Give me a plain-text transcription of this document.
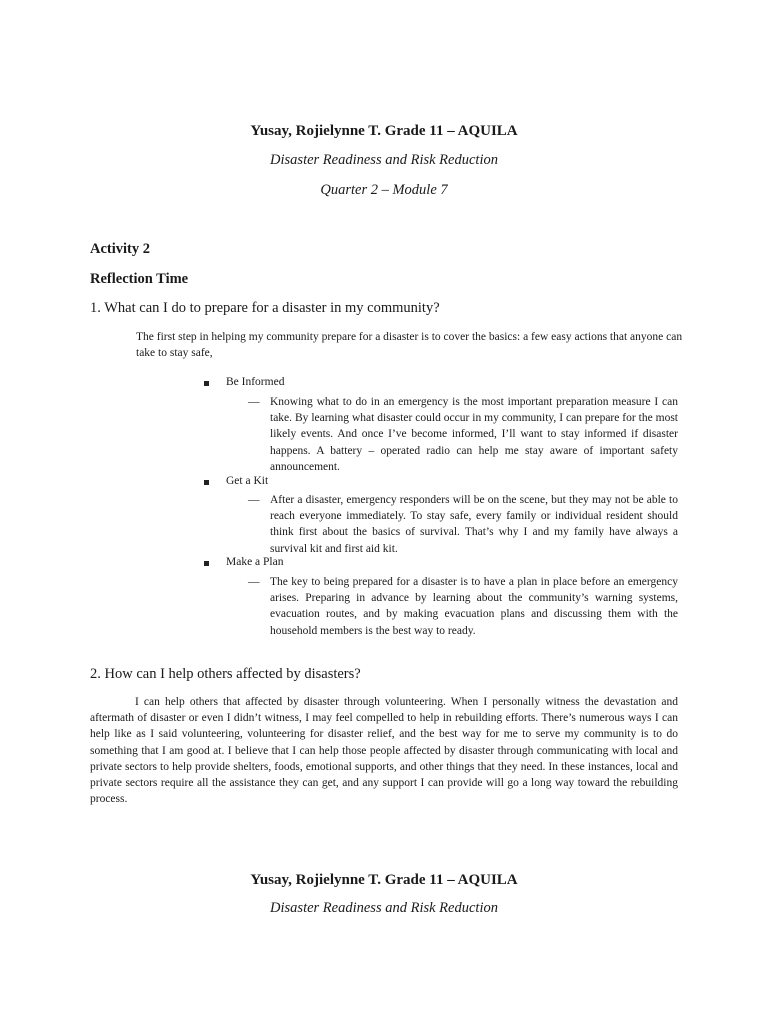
Yusay, Rojielynne T. Grade 11 – AQUILA
Disaster Readiness and Risk Reduction
Quarter 2 – Module 7
Activity 2
Reflection Time
1. What can I do to prepare for a disaster in my community?
The first step in helping my community prepare for a disaster is to cover the basics: a few easy actions that anyone can take to stay safe,
Be Informed
— Knowing what to do in an emergency is the most important preparation measure I can take. By learning what disaster could occur in my community, I can prepare for the most likely events. And once I’ve become informed, I’ll want to stay informed if disaster happens. A battery – operated radio can help me stay aware of important safety announcement.
Get a Kit
— After a disaster, emergency responders will be on the scene, but they may not be able to reach everyone immediately. To stay safe, every family or individual resident should think first about the basics of survival. That’s why I and my family have always a survival kit and first aid kit.
Make a Plan
— The key to being prepared for a disaster is to have a plan in place before an emergency arises. Preparing in advance by learning about the community’s warning systems, evacuation routes, and by making evacuation plans and discussing them with the household members is the best way to ready.
2. How can I help others affected by disasters?
I can help others that affected by disaster through volunteering. When I personally witness the devastation and aftermath of disaster or even I didn’t witness, I may feel compelled to help in rebuilding efforts. There’s numerous ways I can help like as I said volunteering, volunteering for disaster relief, and the best way for me to serve my community is to do something that I am good at. I believe that I can help those people affected by disaster through communicating with local and private sectors to help provide shelters, foods, emotional supports, and other things that they need. In these instances, local and private sectors require all the assistance they can get, and any support I can provide will go a long way toward the rebuilding process.
Yusay, Rojielynne T. Grade 11 – AQUILA
Disaster Readiness and Risk Reduction
